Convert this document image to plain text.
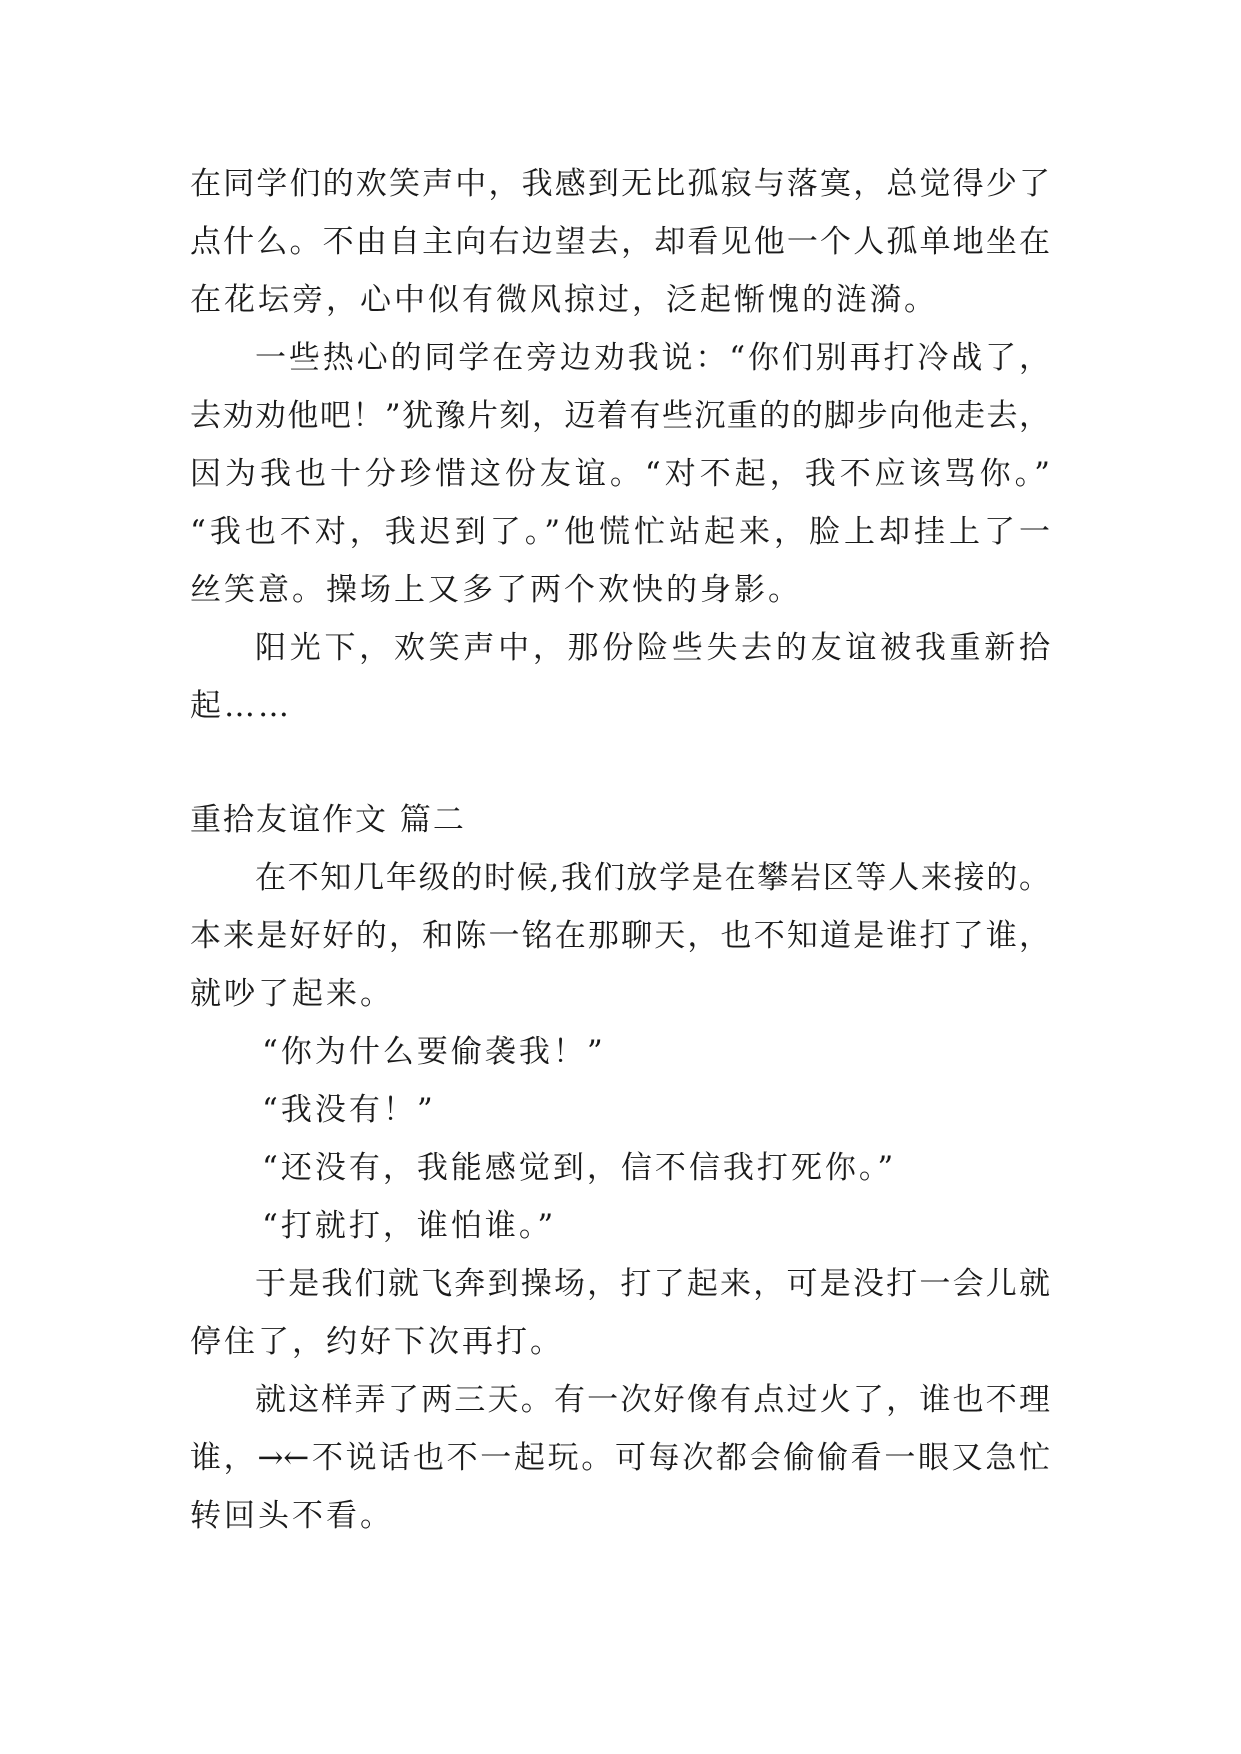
在同学们的欢笑声中，我感到无比孤寂与落寞，总觉得少了
点什么。不由自主向右边望去，却看见他一个人孤单地坐在
在花坛旁，心中似有微风掠过，泛起惭愧的涟漪。
一些热心的同学在旁边劝我说：“你们别再打冷战了，
去劝劝他吧！”犹豫片刻，迈着有些沉重的的脚步向他走去，
因为我也十分珍惜这份友谊。“对不起，我不应该骂你。”
“我也不对，我迟到了。”他慌忙站起来，脸上却挂上了一
丝笑意。操场上又多了两个欢快的身影。
阳光下，欢笑声中，那份险些失去的友谊被我重新拾
起……
重拾友谊作文 篇二
在不知几年级的时候,我们放学是在攀岩区等人来接的。
本来是好好的，和陈一铭在那聊天，也不知道是谁打了谁，
就吵了起来。
“你为什么要偷袭我！”
“我没有！”
“还没有，我能感觉到，信不信我打死你。”
“打就打，谁怕谁。”
于是我们就飞奔到操场，打了起来，可是没打一会儿就
停住了，约好下次再打。
就这样弄了两三天。有一次好像有点过火了，谁也不理
谁，→←不说话也不一起玩。可每次都会偷偷看一眼又急忙
转回头不看。
